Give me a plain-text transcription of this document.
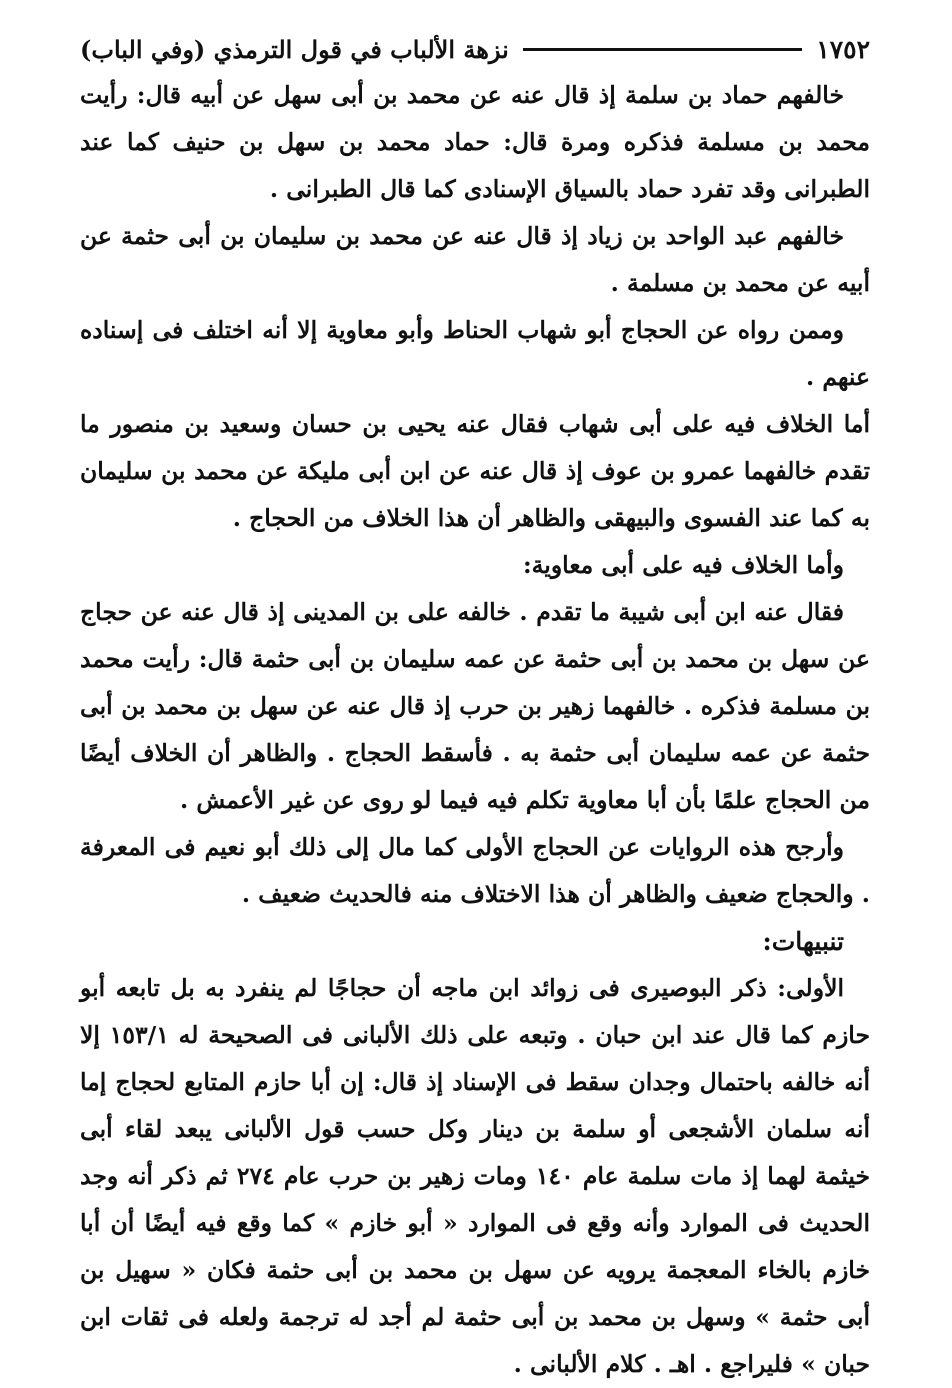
١٧٥٢
نزهة الألباب في قول الترمذي (وفي الباب)

خالفهم حماد بن سلمة إذ قال عنه عن محمد بن أبى سهل عن أبيه قال: رأيت محمد بن مسلمة فذكره ومرة قال: حماد محمد بن سهل بن حنيف كما عند الطبرانى وقد تفرد حماد بالسياق الإسنادى كما قال الطبرانى .

خالفهم عبد الواحد بن زياد إذ قال عنه عن محمد بن سليمان بن أبى حثمة عن أبيه عن محمد بن مسلمة .

وممن رواه عن الحجاج أبو شهاب الحناط وأبو معاوية إلا أنه اختلف فى إسناده عنهم .

أما الخلاف فيه على أبى شهاب فقال عنه يحيى بن حسان وسعيد بن منصور ما تقدم خالفهما عمرو بن عوف إذ قال عنه عن ابن أبى مليكة عن محمد بن سليمان به كما عند الفسوى والبيهقى والظاهر أن هذا الخلاف من الحجاج .

وأما الخلاف فيه على أبى معاوية:

فقال عنه ابن أبى شيبة ما تقدم . خالفه على بن المدينى إذ قال عنه عن حجاج عن سهل بن محمد بن أبى حثمة عن عمه سليمان بن أبى حثمة قال: رأيت محمد بن مسلمة فذكره . خالفهما زهير بن حرب إذ قال عنه عن سهل بن محمد بن أبى حثمة عن عمه سليمان أبى حثمة به . فأسقط الحجاج . والظاهر أن الخلاف أيضًا من الحجاج علمًا بأن أبا معاوية تكلم فيه فيما لو روى عن غير الأعمش .

وأرجح هذه الروايات عن الحجاج الأولى كما مال إلى ذلك أبو نعيم فى المعرفة . والحجاج ضعيف والظاهر أن هذا الاختلاف منه فالحديث ضعيف .

تنبيهات:

الأولى: ذكر البوصيرى فى زوائد ابن ماجه أن حجاجًا لم ينفرد به بل تابعه أبو حازم كما قال عند ابن حبان . وتبعه على ذلك الألبانى فى الصحيحة له ١٥٣/١ إلا أنه خالفه باحتمال وجدان سقط فى الإسناد إذ قال: إن أبا حازم المتابع لحجاج إما أنه سلمان الأشجعى أو سلمة بن دينار وكل حسب قول الألبانى يبعد لقاء أبى خيثمة لهما إذ مات سلمة عام ١٤٠ ومات زهير بن حرب عام ٢٧٤ ثم ذكر أنه وجد الحديث فى الموارد وأنه وقع فى الموارد « أبو خازم » كما وقع فيه أيضًا أن أبا خازم بالخاء المعجمة يرويه عن سهل بن محمد بن أبى حثمة فكان « سهيل بن أبى حثمة » وسهل بن محمد بن أبى حثمة لم أجد له ترجمة ولعله فى ثقات ابن حبان » فليراجع . اهـ . كلام الألبانى .
